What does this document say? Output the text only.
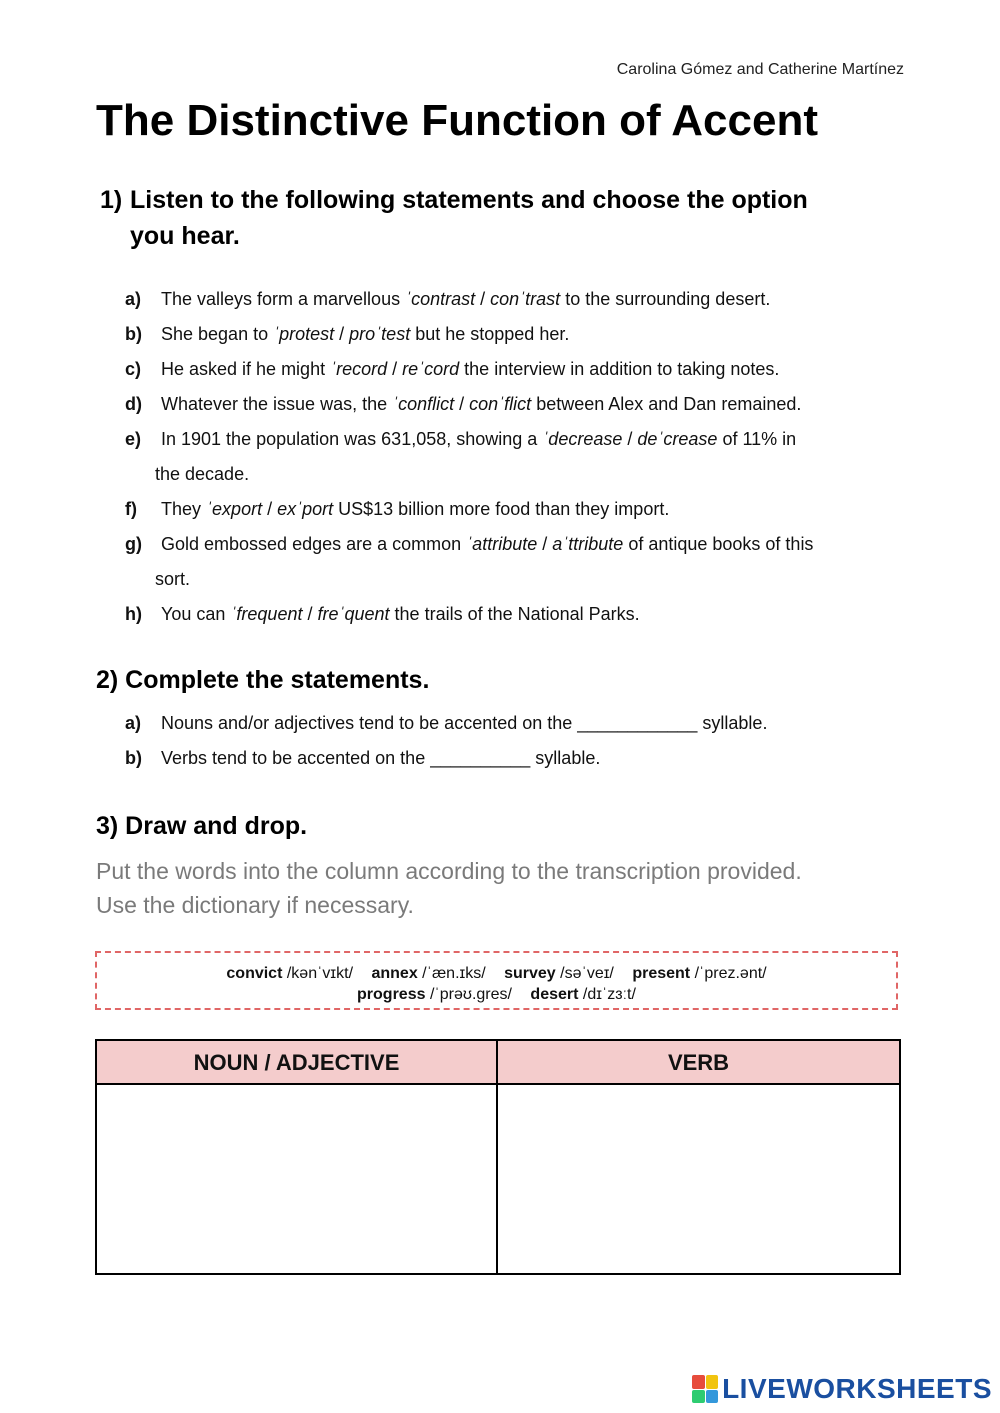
Carolina Gómez and Catherine Martínez
The Distinctive Function of Accent
1) Listen to the following statements and choose the option
you hear.
a) The valleys form a marvellous ˈcontrast / conˈtrast to the surrounding desert.
b) She began to ˈprotest / proˈtest but he stopped her.
c) He asked if he might ˈrecord / reˈcord the interview in addition to taking notes.
d) Whatever the issue was, the ˈconflict / conˈflict between Alex and Dan remained.
e) In 1901 the population was 631,058, showing a ˈdecrease / deˈcrease of 11% in
the decade.
f) They ˈexport / exˈport US$13 billion more food than they import.
g) Gold embossed edges are a common ˈattribute / aˈttribute of antique books of this
sort.
h) You can ˈfrequent / freˈquent the trails of the National Parks.
2) Complete the statements.
a) Nouns and/or adjectives tend to be accented on the ____________ syllable.
b) Verbs tend to be accented on the __________ syllable.
3) Draw and drop.

Put the words into the column according to the transcription provided.
Use the dictionary if necessary.

convict /kənˈvɪkt/ annex /ˈæn.ɪks/ survey /səˈveɪ/ present /ˈprez.ənt/
progress /ˈprəʊ.gres/ desert /dɪˈzɜːt/
NOUN / ADJECTIVE	VERB
LIVEWORKSHEETS
